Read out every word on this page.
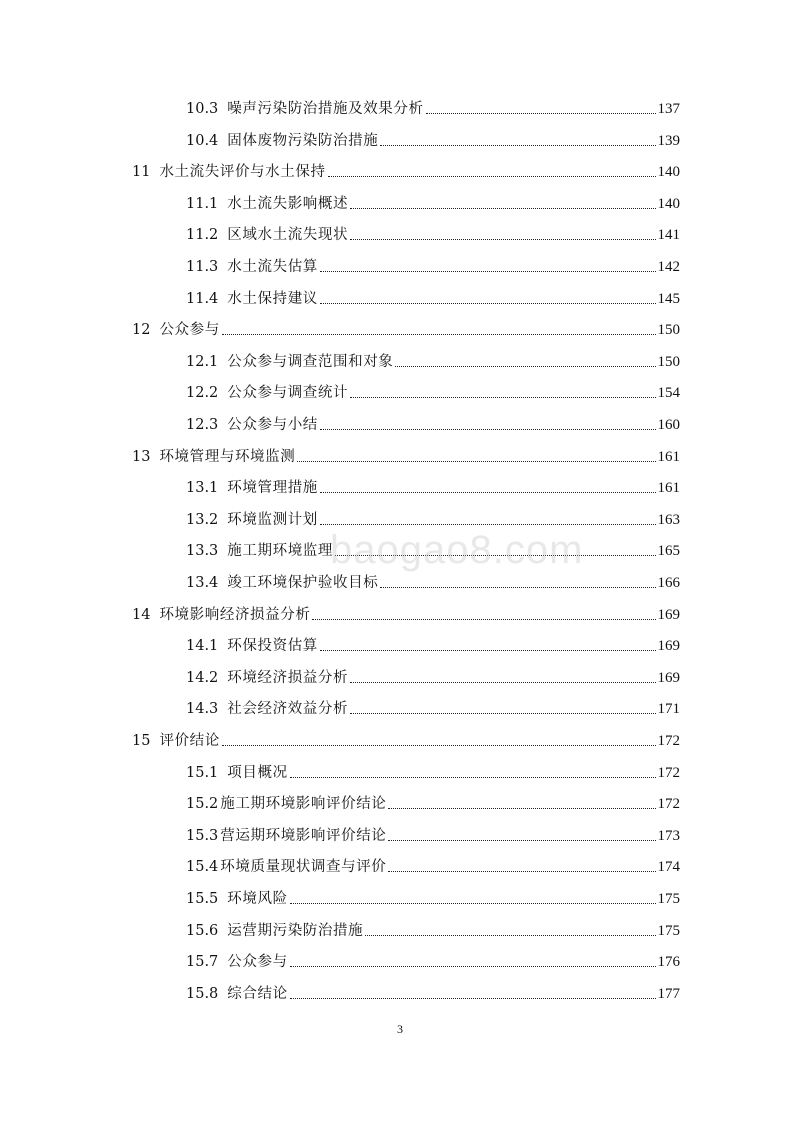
10.3 噪声污染防治措施及效果分析	137
10.4 固体废物污染防治措施	139
11 水土流失评价与水土保持	140
11.1 水土流失影响概述	140
11.2 区域水土流失现状	141
11.3 水土流失估算	142
11.4 水土保持建议	145
12 公众参与	150
12.1 公众参与调查范围和对象	150
12.2 公众参与调查统计	154
12.3 公众参与小结	160
13 环境管理与环境监测	161
13.1 环境管理措施	161
13.2 环境监测计划	163
13.3 施工期环境监理	165
13.4 竣工环境保护验收目标	166
14 环境影响经济损益分析	169
14.1 环保投资估算	169
14.2 环境经济损益分析	169
14.3 社会经济效益分析	171
15 评价结论	172
15.1 项目概况	172
15.2 施工期环境影响评价结论	172
15.3 营运期环境影响评价结论	173
15.4 环境质量现状调查与评价	174
15.5 环境风险	175
15.6 运营期污染防治措施	175
15.7 公众参与	176
15.8 综合结论	177
baogao8.com
3
